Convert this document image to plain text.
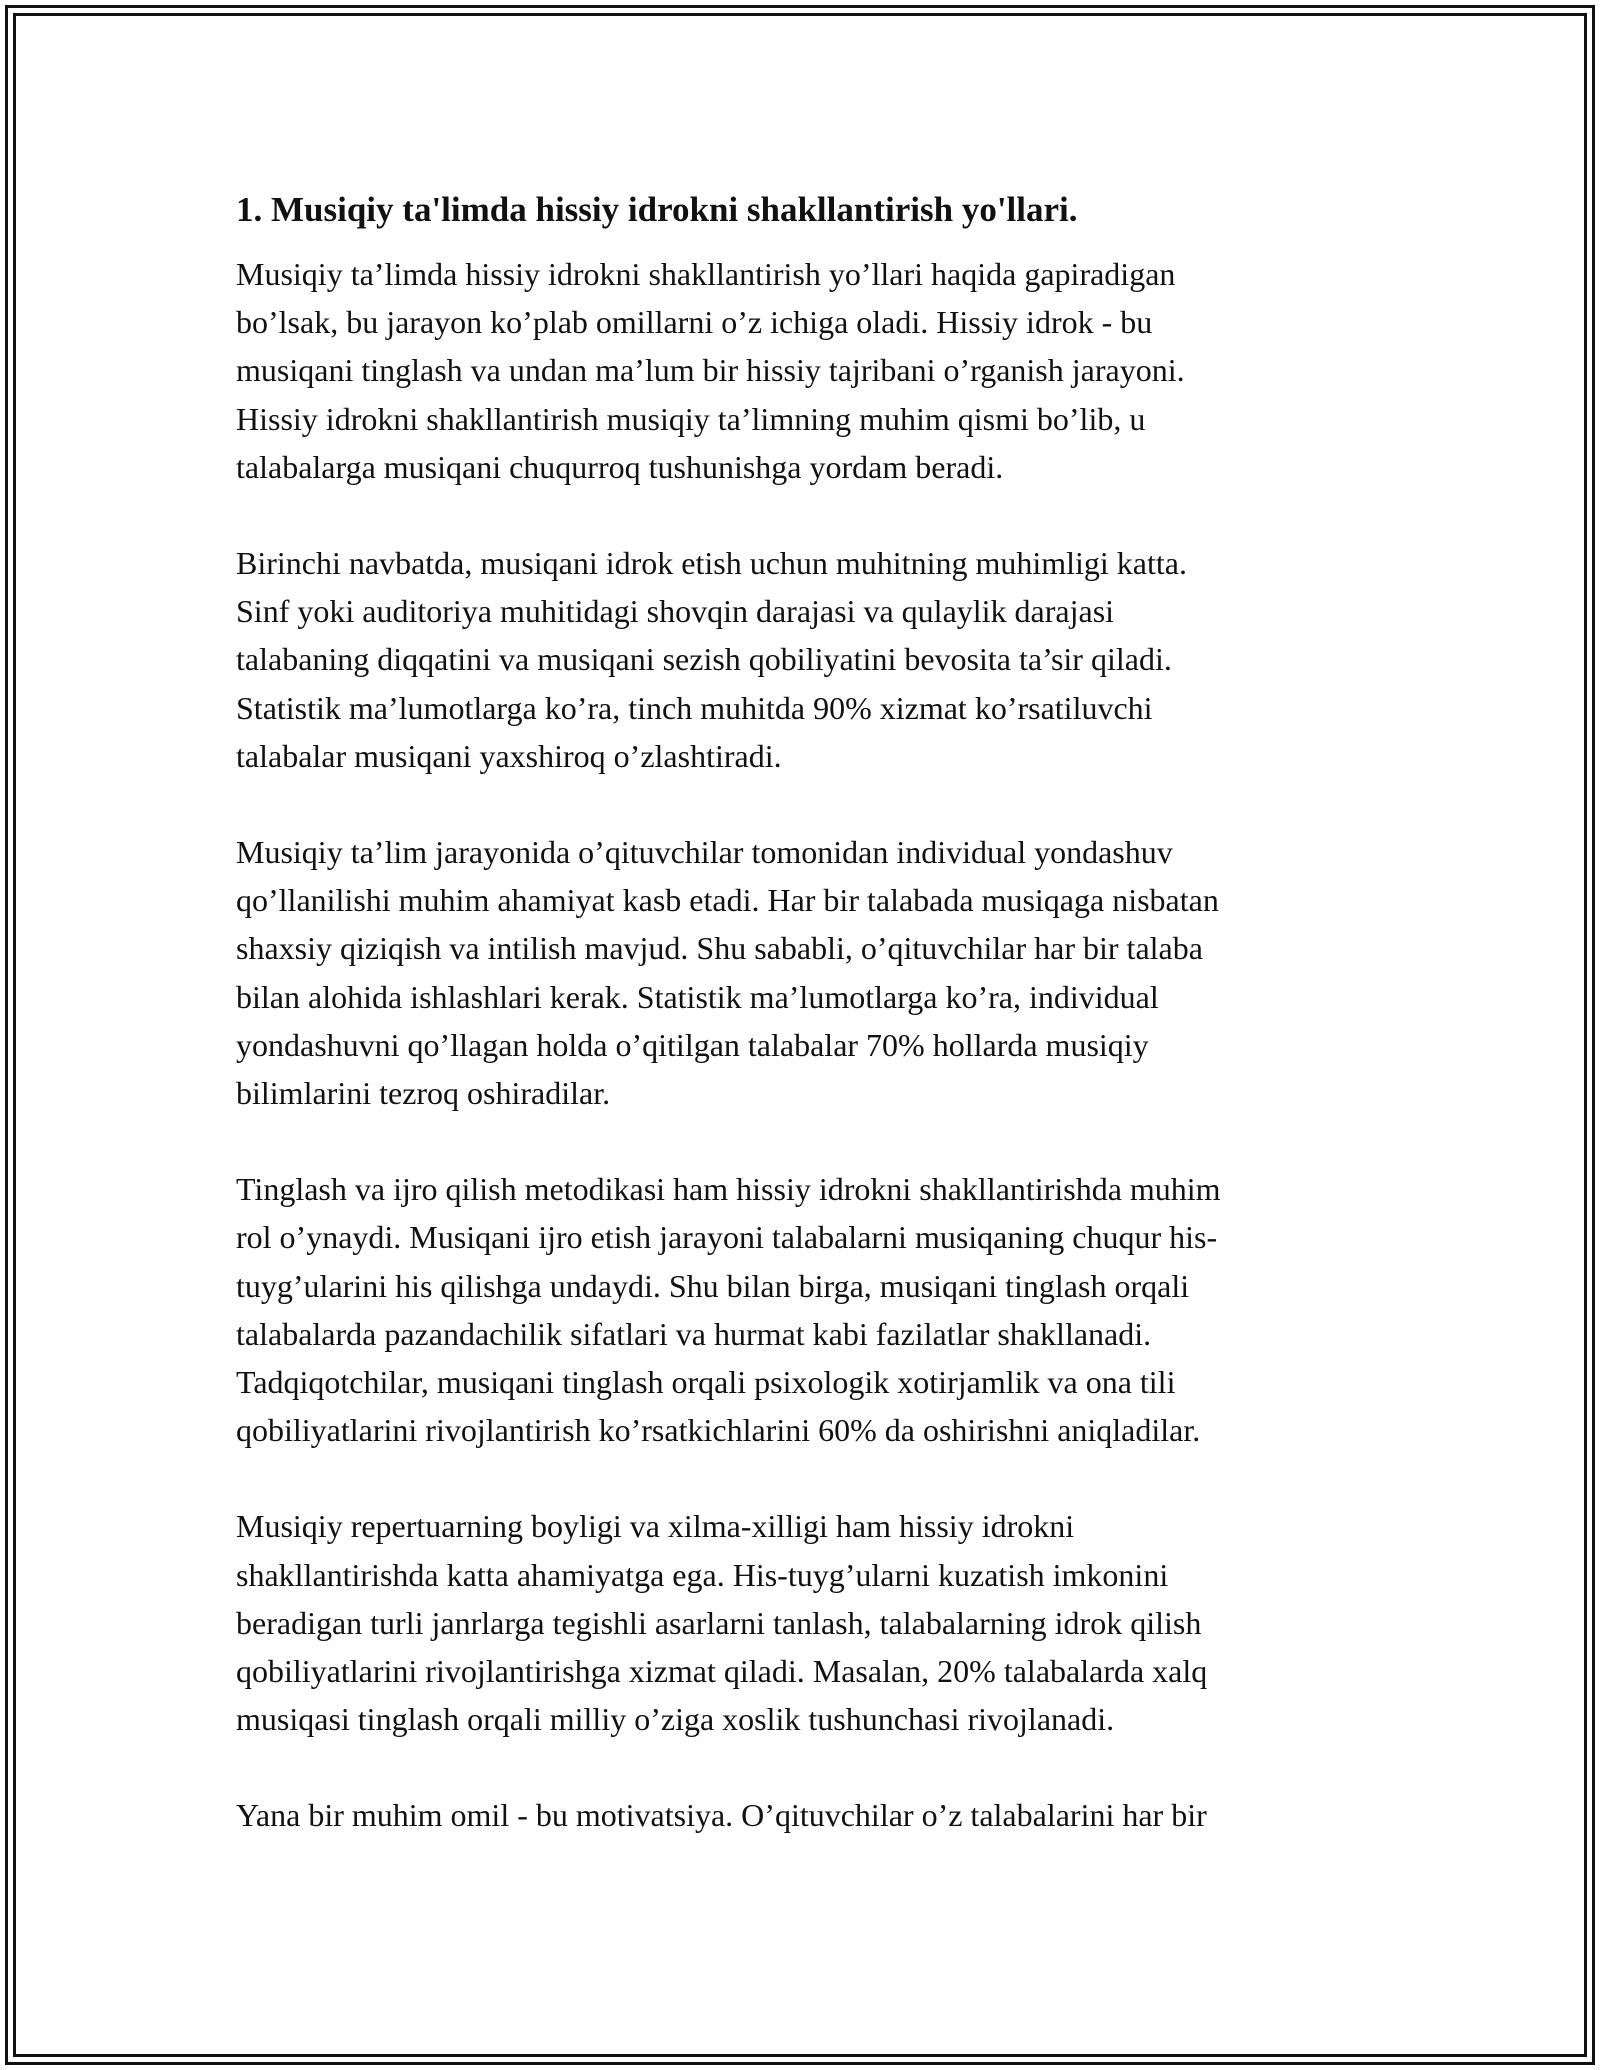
1. Musiqiy ta'limda hissiy idrokni shakllantirish yo'llari.
Musiqiy ta’limda hissiy idrokni shakllantirish yo’llari haqida gapiradigan
bo’lsak, bu jarayon ko’plab omillarni o’z ichiga oladi. Hissiy idrok - bu
musiqani tinglash va undan ma’lum bir hissiy tajribani o’rganish jarayoni.
Hissiy idrokni shakllantirish musiqiy ta’limning muhim qismi bo’lib, u
talabalarga musiqani chuqurroq tushunishga yordam beradi.
Birinchi navbatda, musiqani idrok etish uchun muhitning muhimligi katta.
Sinf yoki auditoriya muhitidagi shovqin darajasi va qulaylik darajasi
talabaning diqqatini va musiqani sezish qobiliyatini bevosita ta’sir qiladi.
Statistik ma’lumotlarga ko’ra, tinch muhitda 90% xizmat ko’rsatiluvchi
talabalar musiqani yaxshiroq o’zlashtiradi.
Musiqiy ta’lim jarayonida o’qituvchilar tomonidan individual yondashuv
qo’llanilishi muhim ahamiyat kasb etadi. Har bir talabada musiqaga nisbatan
shaxsiy qiziqish va intilish mavjud. Shu sababli, o’qituvchilar har bir talaba
bilan alohida ishlashlari kerak. Statistik ma’lumotlarga ko’ra, individual
yondashuvni qo’llagan holda o’qitilgan talabalar 70% hollarda musiqiy
bilimlarini tezroq oshiradilar.
Tinglash va ijro qilish metodikasi ham hissiy idrokni shakllantirishda muhim
rol o’ynaydi. Musiqani ijro etish jarayoni talabalarni musiqaning chuqur his-
tuyg’ularini his qilishga undaydi. Shu bilan birga, musiqani tinglash orqali
talabalarda pazandachilik sifatlari va hurmat kabi fazilatlar shakllanadi.
Tadqiqotchilar, musiqani tinglash orqali psixologik xotirjamlik va ona tili
qobiliyatlarini rivojlantirish ko’rsatkichlarini 60% da oshirishni aniqladilar.
Musiqiy repertuarning boyligi va xilma-xilligi ham hissiy idrokni
shakllantirishda katta ahamiyatga ega. His-tuyg’ularni kuzatish imkonini
beradigan turli janrlarga tegishli asarlarni tanlash, talabalarning idrok qilish
qobiliyatlarini rivojlantirishga xizmat qiladi. Masalan, 20% talabalarda xalq
musiqasi tinglash orqali milliy o’ziga xoslik tushunchasi rivojlanadi.
Yana bir muhim omil - bu motivatsiya. O’qituvchilar o’z talabalarini har bir
